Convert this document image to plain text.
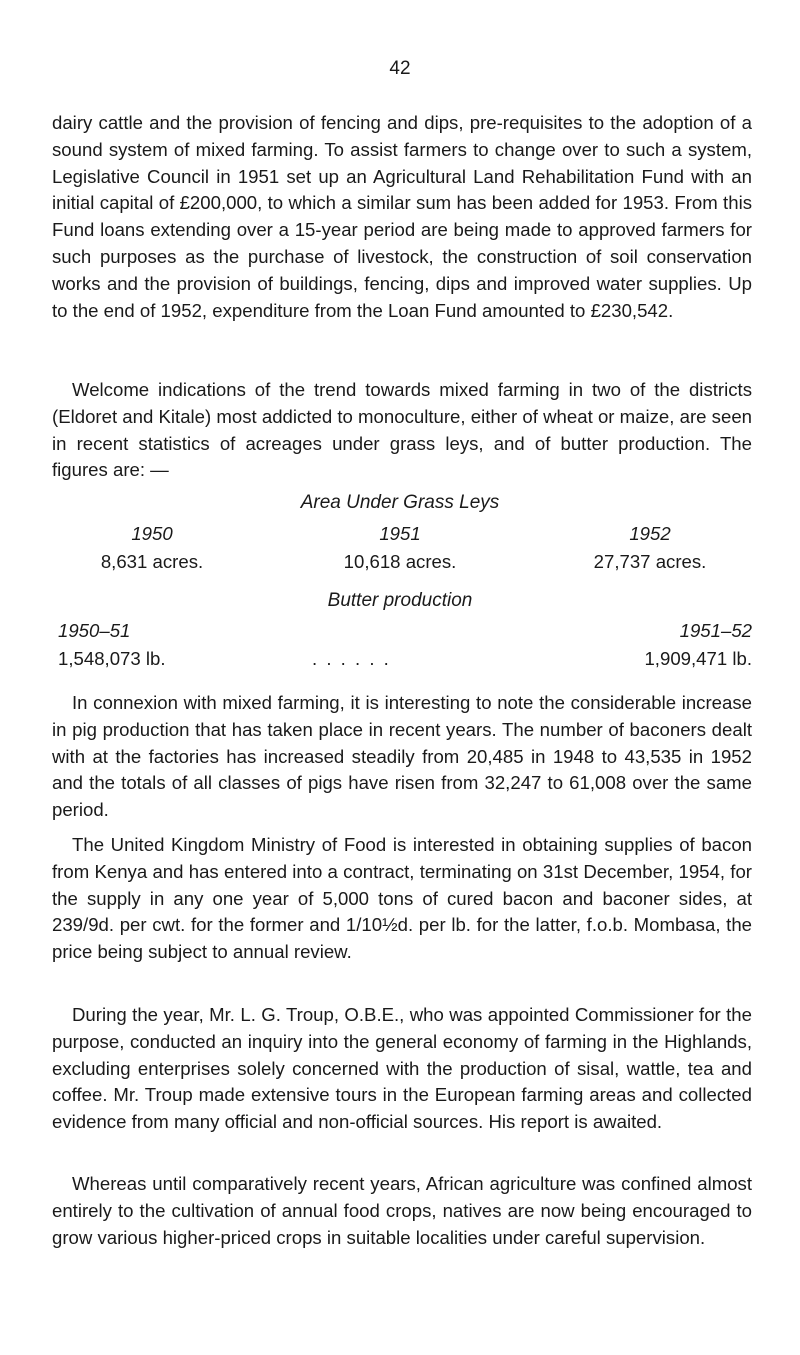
42

dairy cattle and the provision of fencing and dips, pre-requisites to the adoption of a sound system of mixed farming. To assist farmers to change over to such a system, Legislative Council in 1951 set up an Agricultural Land Rehabilitation Fund with an initial capital of £200,000, to which a similar sum has been added for 1953. From this Fund loans extending over a 15-year period are being made to approved farmers for such purposes as the purchase of livestock, the construction of soil conservation works and the provision of buildings, fencing, dips and improved water supplies. Up to the end of 1952, expenditure from the Loan Fund amounted to £230,542.

Welcome indications of the trend towards mixed farming in two of the districts (Eldoret and Kitale) most addicted to monoculture, either of wheat or maize, are seen in recent statistics of acreages under grass leys, and of butter production. The figures are: —

Area Under Grass Leys
1950	1951	1952
8,631 acres.	10,618 acres.	27,737 acres.
Butter production
1950–51	1951–52
1,548,073 lb.	. . . . . .	1,909,471 lb.

In connexion with mixed farming, it is interesting to note the considerable increase in pig production that has taken place in recent years. The number of baconers dealt with at the factories has increased steadily from 20,485 in 1948 to 43,535 in 1952 and the totals of all classes of pigs have risen from 32,247 to 61,008 over the same period.

The United Kingdom Ministry of Food is interested in obtaining supplies of bacon from Kenya and has entered into a contract, terminating on 31st December, 1954, for the supply in any one year of 5,000 tons of cured bacon and baconer sides, at 239/9d. per cwt. for the former and 1/10½d. per lb. for the latter, f.o.b. Mombasa, the price being subject to annual review.

During the year, Mr. L. G. Troup, O.B.E., who was appointed Commissioner for the purpose, conducted an inquiry into the general economy of farming in the Highlands, excluding enterprises solely concerned with the production of sisal, wattle, tea and coffee. Mr. Troup made extensive tours in the European farming areas and collected evidence from many official and non-official sources. His report is awaited.

Whereas until comparatively recent years, African agriculture was confined almost entirely to the cultivation of annual food crops, natives are now being encouraged to grow various higher-priced crops in suitable localities under careful supervision.
